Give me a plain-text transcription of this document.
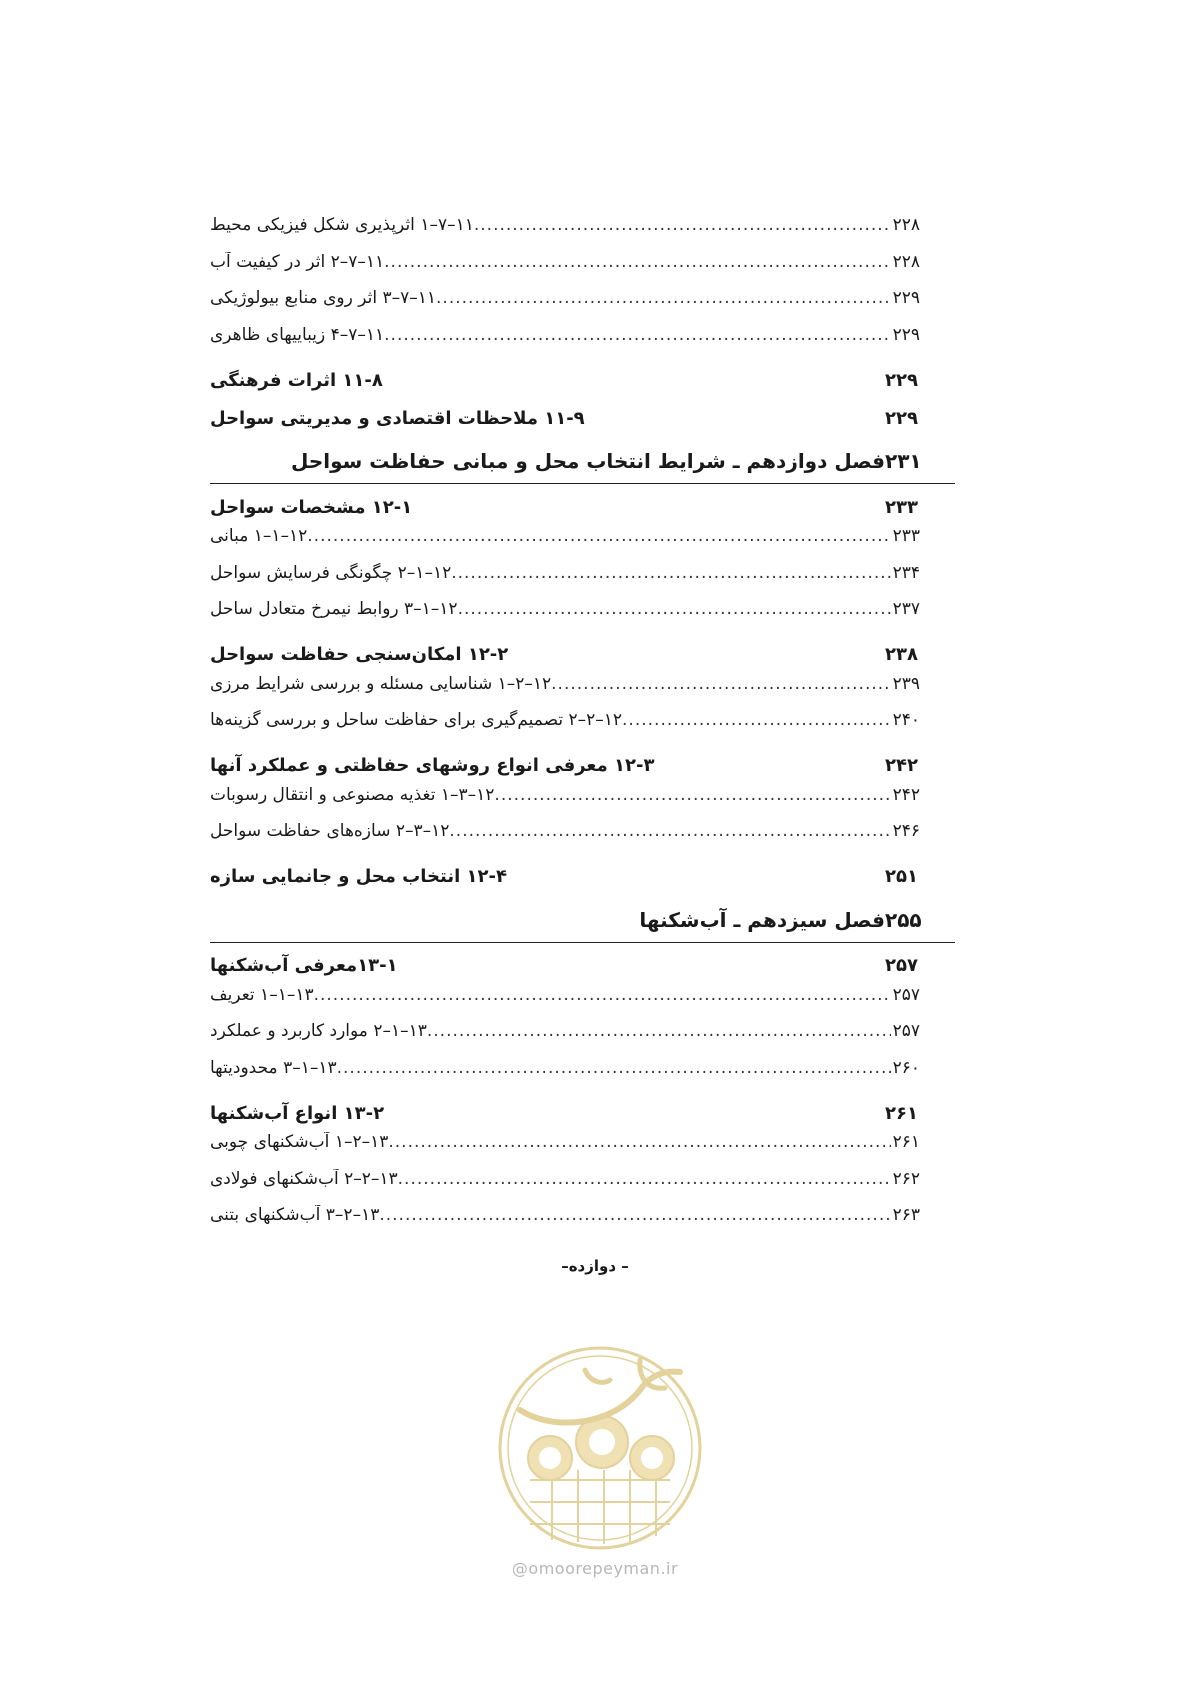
۱۱–۷–۱ اثرپذیری شکل فیزیکی محیط .....	۲۲۸
۱۱–۷–۲ اثر در کیفیت آب .....	۲۲۸
۱۱–۷–۳ اثر روی منابع بیولوژیکی .....	۲۲۹
۱۱–۷–۴ زیباییهای ظاهری .....	۲۲۹
۱۱-۸ اثرات فرهنگی	۲۲۹
۱۱-۹ ملاحظات اقتصادی و مدیریتی سواحل	۲۲۹
فصل دوازدهم ـ شرایط انتخاب محل و مبانی حفاظت سواحل ۲۳۱
۱۲-۱ مشخصات سواحل	۲۳۳
۱۲–۱–۱ مبانی .....	۲۳۳
۱۲–۱–۲ چگونگی فرسایش سواحل .....	۲۳۴
۱۲–۱–۳ روابط نیمرخ متعادل ساحل .....	۲۳۷
۱۲-۲ امکان‌سنجی حفاظت سواحل	۲۳۸
۱۲–۲–۱ شناسایی مسئله و بررسی شرایط مرزی .....	۲۳۹
۱۲–۲–۲ تصمیم‌گیری برای حفاظت ساحل و بررسی گزینه‌ها .....	۲۴۰
۱۲-۳ معرفی انواع روشهای حفاظتی و عملکرد آنها	۲۴۲
۱۲–۳–۱ تغذیه مصنوعی و انتقال رسوبات .....	۲۴۲
۱۲–۳–۲ سازه‌های حفاظت سواحل .....	۲۴۶
۱۲-۴ انتخاب محل و جانمایی سازه	۲۵۱
فصل سیزدهم ـ آب‌شکنها ۲۵۵
۱۳-۱معرفی آب‌شکنها	۲۵۷
۱۳–۱–۱ تعریف .....	۲۵۷
۱۳–۱–۲ موارد کاربرد و عملکرد .....	۲۵۷
۱۳–۱–۳ محدودیتها .....	۲۶۰
۱۳-۲ انواع آب‌شکنها	۲۶۱
۱۳–۲–۱ آب‌شکنهای چوبی .....	۲۶۱
۱۳–۲–۲ آب‌شکنهای فولادی .....	۲۶۲
۱۳–۲–۳ آب‌شکنهای بتنی .....	۲۶۳
– دوازده–
@omoorepeyman.ir
